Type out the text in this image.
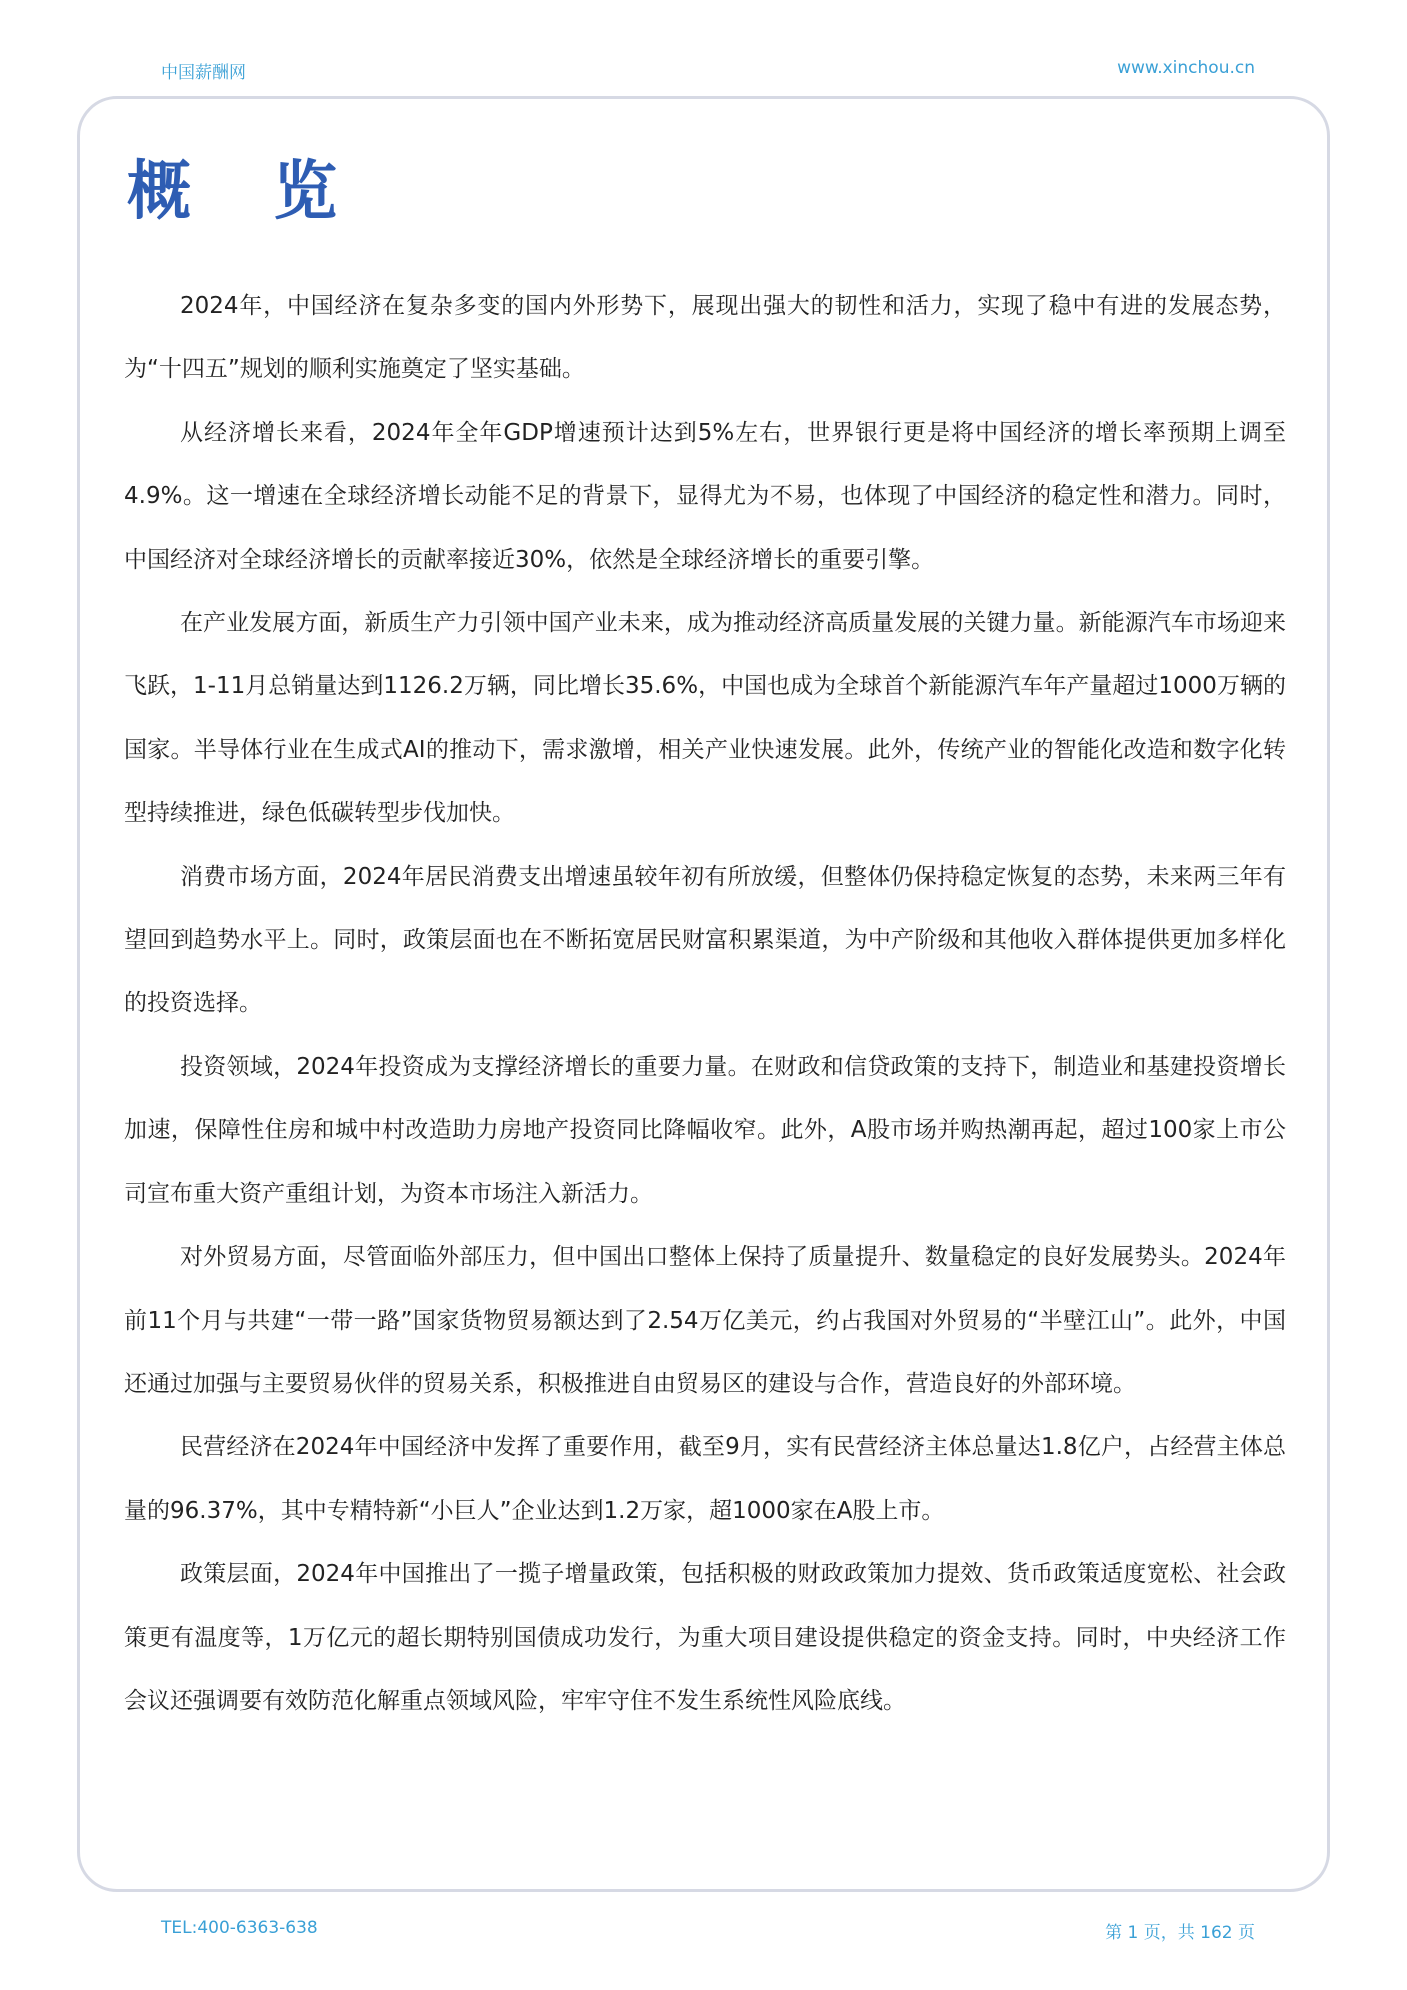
中国薪酬网	www.xinchou.cn
概 览

2024年，中国经济在复杂多变的国内外形势下，展现出强大的韧性和活力，实现了稳中有进的发展态势，为“十四五”规划的顺利实施奠定了坚实基础。

从经济增长来看，2024年全年GDP增速预计达到5%左右，世界银行更是将中国经济的增长率预期上调至4.9%。这一增速在全球经济增长动能不足的背景下，显得尤为不易，也体现了中国经济的稳定性和潜力。同时，中国经济对全球经济增长的贡献率接近30%，依然是全球经济增长的重要引擎。

在产业发展方面，新质生产力引领中国产业未来，成为推动经济高质量发展的关键力量。新能源汽车市场迎来飞跃，1-11月总销量达到1126.2万辆，同比增长35.6%，中国也成为全球首个新能源汽车年产量超过1000万辆的国家。半导体行业在生成式AI的推动下，需求激增，相关产业快速发展。此外，传统产业的智能化改造和数字化转型持续推进，绿色低碳转型步伐加快。

消费市场方面，2024年居民消费支出增速虽较年初有所放缓，但整体仍保持稳定恢复的态势，未来两三年有望回到趋势水平上。同时，政策层面也在不断拓宽居民财富积累渠道，为中产阶级和其他收入群体提供更加多样化的投资选择。

投资领域，2024年投资成为支撑经济增长的重要力量。在财政和信贷政策的支持下，制造业和基建投资增长加速，保障性住房和城中村改造助力房地产投资同比降幅收窄。此外，A股市场并购热潮再起，超过100家上市公司宣布重大资产重组计划，为资本市场注入新活力。

对外贸易方面，尽管面临外部压力，但中国出口整体上保持了质量提升、数量稳定的良好发展势头。2024年前11个月与共建“一带一路”国家货物贸易额达到了2.54万亿美元，约占我国对外贸易的“半壁江山”。此外，中国还通过加强与主要贸易伙伴的贸易关系，积极推进自由贸易区的建设与合作，营造良好的外部环境。

民营经济在2024年中国经济中发挥了重要作用，截至9月，实有民营经济主体总量达1.8亿户，占经营主体总量的96.37%，其中专精特新“小巨人”企业达到1.2万家，超1000家在A股上市。

政策层面，2024年中国推出了一揽子增量政策，包括积极的财政政策加力提效、货币政策适度宽松、社会政策更有温度等，1万亿元的超长期特别国债成功发行，为重大项目建设提供稳定的资金支持。同时，中央经济工作会议还强调要有效防范化解重点领域风险，牢牢守住不发生系统性风险底线。

TEL:400-6363-638	第 1 页，共 162 页
